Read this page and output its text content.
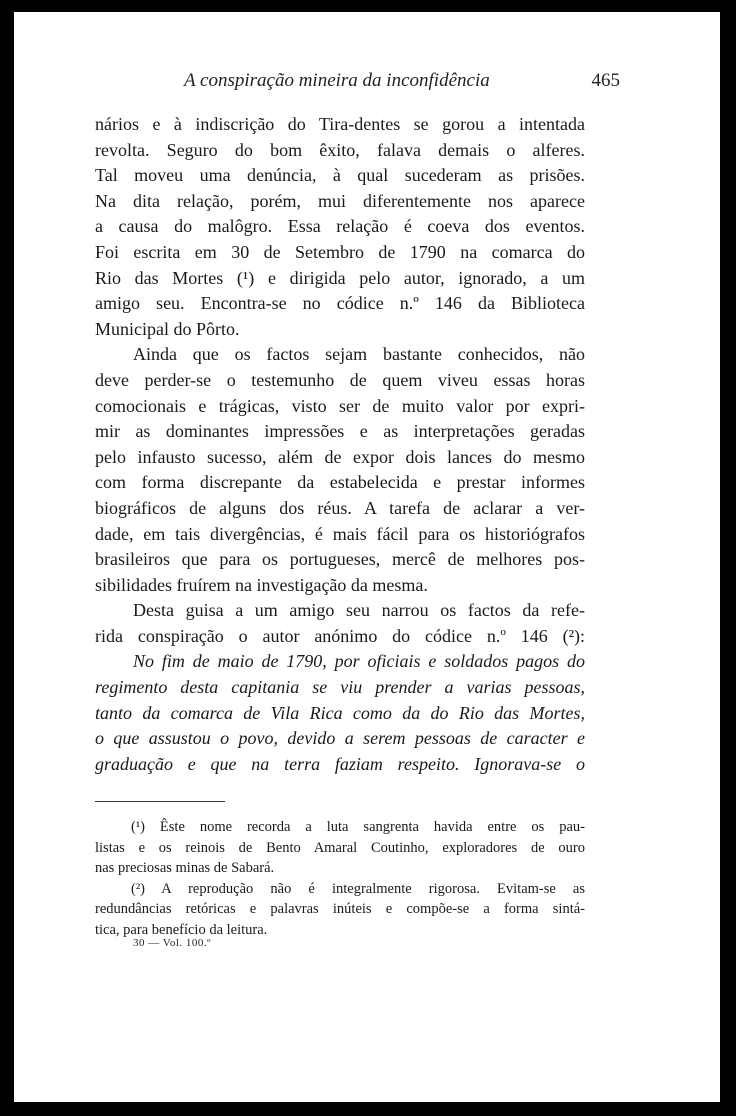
A conspiração mineira da inconfidência	465
nários e à indiscrição do Tira-dentes se gorou a intentada
revolta. Seguro do bom êxito, falava demais o alferes.
Tal moveu uma denúncia, à qual sucederam as prisões.
Na dita relação, porém, mui diferentemente nos aparece
a causa do malôgro. Essa relação é coeva dos eventos.
Foi escrita em 30 de Setembro de 1790 na comarca do
Rio das Mortes (¹) e dirigida pelo autor, ignorado, a um
amigo seu. Encontra-se no códice n.º 146 da Biblioteca
Municipal do Pôrto.
Ainda que os factos sejam bastante conhecidos, não
deve perder-se o testemunho de quem viveu essas horas
comocionais e trágicas, visto ser de muito valor por expri-
mir as dominantes impressões e as interpretações geradas
pelo infausto sucesso, além de expor dois lances do mesmo
com forma discrepante da estabelecida e prestar informes
biográficos de alguns dos réus. A tarefa de aclarar a ver-
dade, em tais divergências, é mais fácil para os historiógrafos
brasileiros que para os portugueses, mercê de melhores pos-
sibilidades fruírem na investigação da mesma.
Desta guisa a um amigo seu narrou os factos da refe-
rida conspiração o autor anónimo do códice n.º 146 (²):
No fim de maio de 1790, por oficiais e soldados pagos do
regimento desta capitania se viu prender a varias pessoas,
tanto da comarca de Vila Rica como da do Rio das Mortes,
o que assustou o povo, devido a serem pessoas de caracter e
graduação e que na terra faziam respeito. Ignorava-se o
(¹) Êste nome recorda a luta sangrenta havida entre os pau-
listas e os reinois de Bento Amaral Coutinho, exploradores de ouro
nas preciosas minas de Sabará.
(²) A reprodução não é integralmente rigorosa. Evitam-se as
redundâncias retóricas e palavras inúteis e compõe-se a forma sintá-
tica, para benefício da leitura.
30 — Vol. 100.º
